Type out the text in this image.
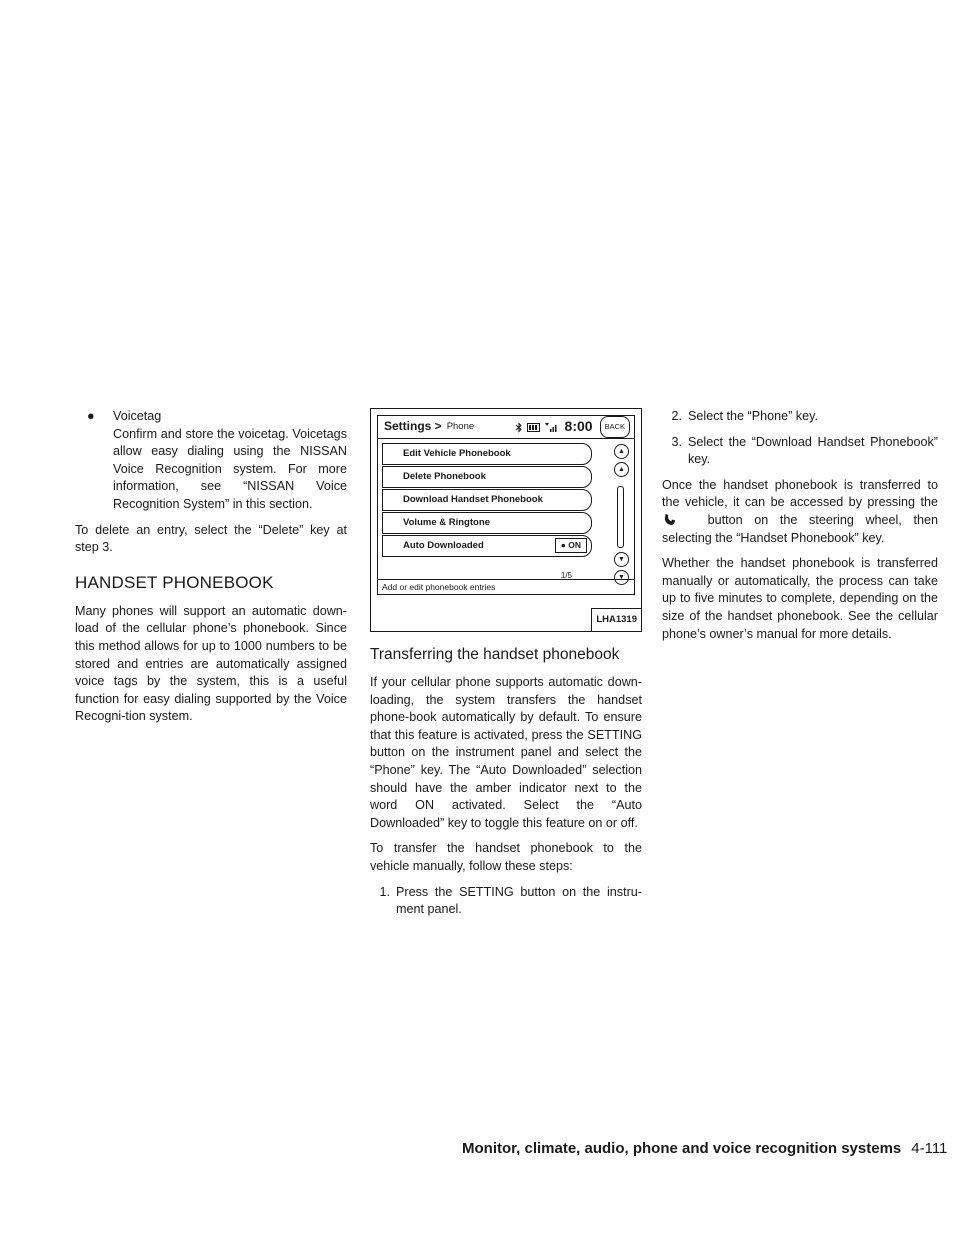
●	Voicetag
Confirm and store the voicetag. Voicetags allow easy dialing using the NISSAN Voice Recognition system. For more information, see “NISSAN Voice Recognition System” in this section.

To delete an entry, select the “Delete” key at step 3.

HANDSET PHONEBOOK

Many phones will support an automatic down-load of the cellular phone’s phonebook. Since this method allows for up to 1000 numbers to be stored and entries are automatically assigned voice tags by the system, this is a useful function for easy dialing supported by the Voice Recogni-tion system.

Settings > Phone	8:00	BACK
Edit Vehicle Phonebook
Delete Phonebook
Download Handset Phonebook
Volume & Ringtone
Auto Downloaded	● ON
▲
▲
▼
▼
1/5
Add or edit phonebook entries
LHA1319
Transferring the handset phonebook

If your cellular phone supports automatic down-loading, the system transfers the handset phone-book automatically by default. To ensure that this feature is activated, press the SETTING button on the instrument panel and select the “Phone” key. The “Auto Downloaded” selection should have the amber indicator next to the word ON activated. Select the “Auto Downloaded” key to toggle this feature on or off.

To transfer the handset phonebook to the vehicle manually, follow these steps:

1. Press the SETTING button on the instru-ment panel.
2. Select the “Phone” key.
3. Select the “Download Handset Phonebook” key.

Once the handset phonebook is transferred to the vehicle, it can be accessed by pressing the  button on the steering wheel, then selecting the “Handset Phonebook” key.

Whether the handset phonebook is transferred manually or automatically, the process can take up to five minutes to complete, depending on the size of the handset phonebook. See the cellular phone’s owner’s manual for more details.

Monitor, climate, audio, phone and voice recognition systems 4-111
